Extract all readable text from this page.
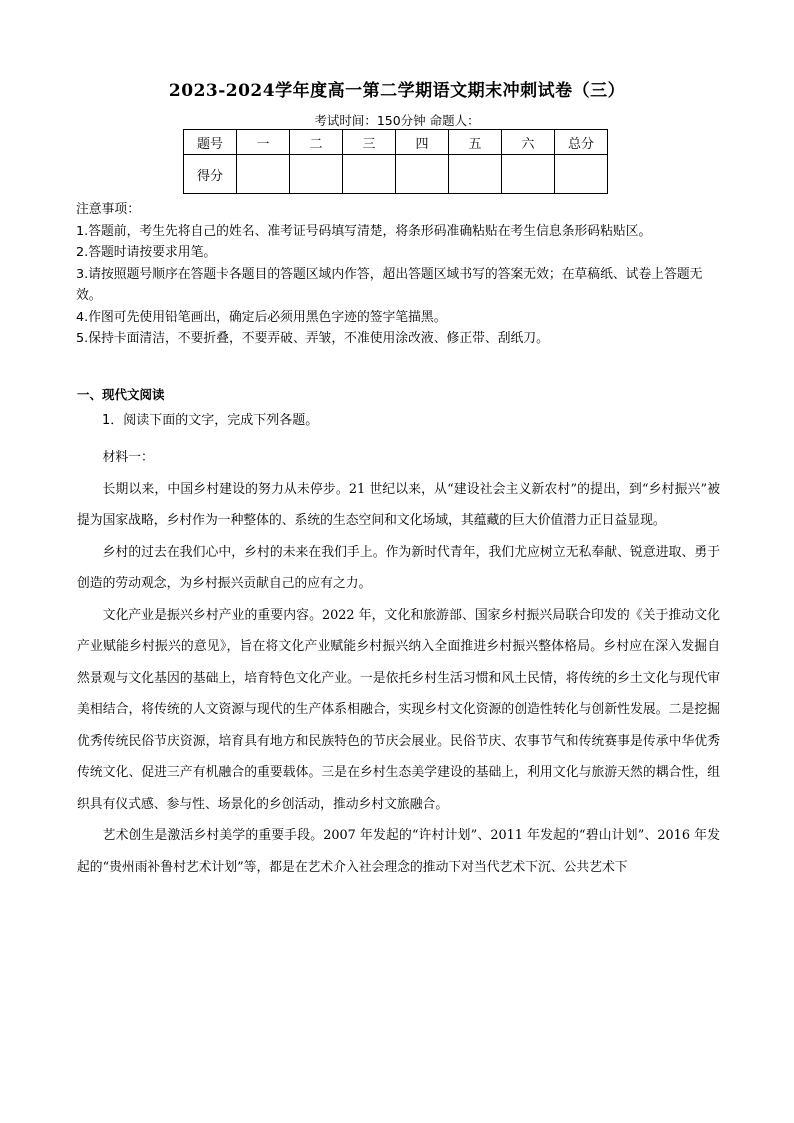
2023-2024学年度高一第二学期语文期末冲刺试卷（三）
考试时间：150分钟 命题人：
题号	一	二	三	四	五	六	总分
得分							
注意事项：
1.答题前，考生先将自己的姓名、准考证号码填写清楚，将条形码准确粘贴在考生信息条形码粘贴区。
2.答题时请按要求用笔。
3.请按照题号顺序在答题卡各题目的答题区域内作答，超出答题区域书写的答案无效；在草稿纸、试卷上答题无效。
4.作图可先使用铅笔画出，确定后必须用黑色字迹的签字笔描黑。
5.保持卡面清洁，不要折叠，不要弄破、弄皱，不准使用涂改液、修正带、刮纸刀。
一、现代文阅读
1．阅读下面的文字，完成下列各题。

材料一：

长期以来，中国乡村建设的努力从未停步。21 世纪以来，从“建设社会主义新农村”的提出，到“乡村振兴”被提为国家战略，乡村作为一种整体的、系统的生态空间和文化场域，其蕴藏的巨大价值潜力正日益显现。

乡村的过去在我们心中，乡村的未来在我们手上。作为新时代青年，我们尤应树立无私奉献、锐意进取、勇于创造的劳动观念，为乡村振兴贡献自己的应有之力。

文化产业是振兴乡村产业的重要内容。2022 年，文化和旅游部、国家乡村振兴局联合印发的《关于推动文化产业赋能乡村振兴的意见》，旨在将文化产业赋能乡村振兴纳入全面推进乡村振兴整体格局。乡村应在深入发掘自然景观与文化基因的基础上，培育特色文化产业。一是依托乡村生活习惯和风土民情，将传统的乡土文化与现代审美相结合，将传统的人文资源与现代的生产体系相融合，实现乡村文化资源的创造性转化与创新性发展。二是挖掘优秀传统民俗节庆资源，培育具有地方和民族特色的节庆会展业。民俗节庆、农事节气和传统赛事是传承中华优秀传统文化、促进三产有机融合的重要载体。三是在乡村生态美学建设的基础上，利用文化与旅游天然的耦合性，组织具有仪式感、参与性、场景化的乡创活动，推动乡村文旅融合。

艺术创生是激活乡村美学的重要手段。2007 年发起的“许村计划”、2011 年发起的“碧山计划”、2016 年发起的“贵州雨补鲁村艺术计划”等，都是在艺术介入社会理念的推动下对当代艺术下沉、公共艺术下
